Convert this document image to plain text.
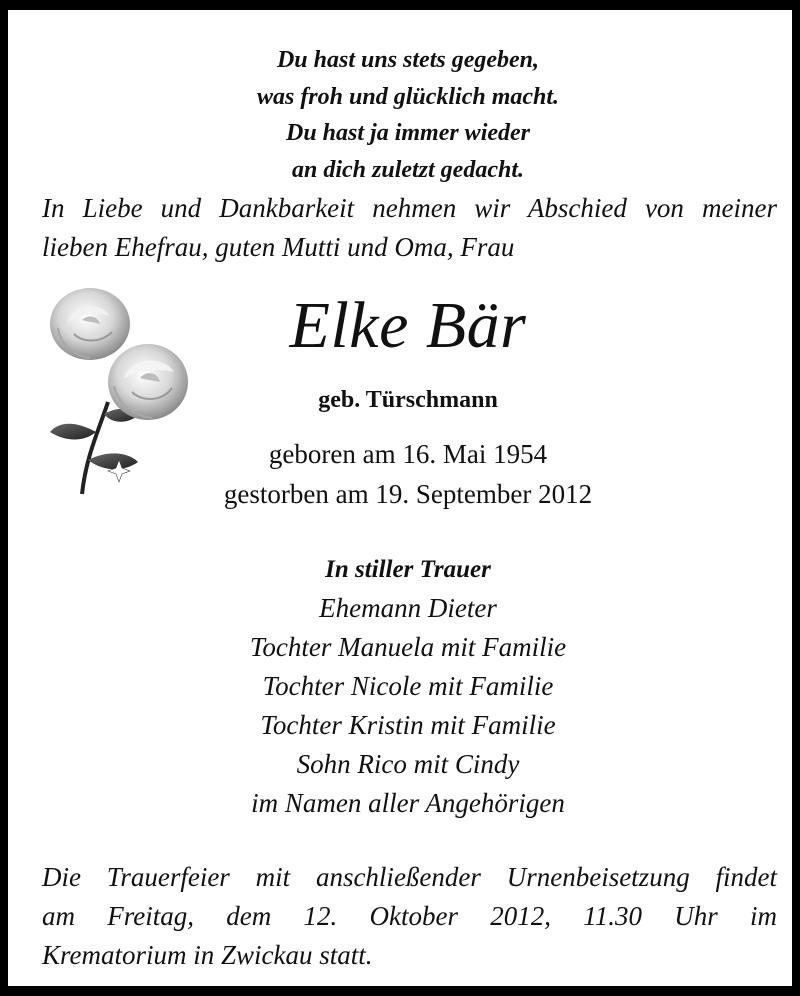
Du hast uns stets gegeben,
was froh und glücklich macht.
Du hast ja immer wieder
an dich zuletzt gedacht.
In Liebe und Dankbarkeit nehmen wir Abschied von meiner
lieben Ehefrau, guten Mutti und Oma, Frau
Elke Bär
geb. Türschmann
geboren am 16. Mai 1954
gestorben am 19. September 2012
In stiller Trauer
Ehemann Dieter
Tochter Manuela mit Familie
Tochter Nicole mit Familie
Tochter Kristin mit Familie
Sohn Rico mit Cindy
im Namen aller Angehörigen
Die Trauerfeier mit anschließender Urnenbeisetzung findet
am Freitag, dem 12. Oktober 2012, 11.30 Uhr im
Krematorium in Zwickau statt.
